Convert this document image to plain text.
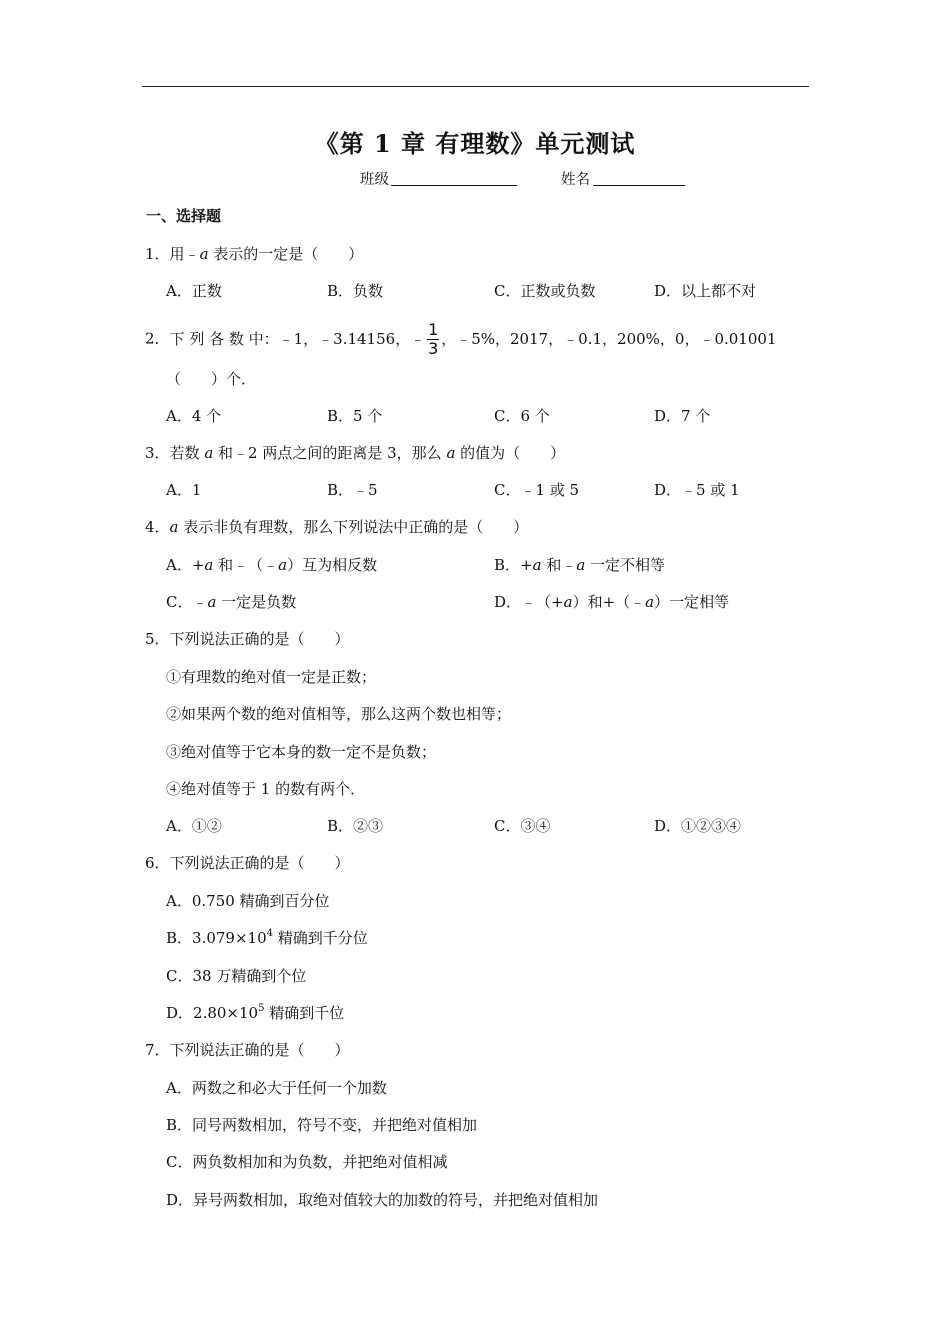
《第 1 章 有理数》单元测试
班级	姓名
一、选择题
1．用﹣a 表示的一定是（　　）
A．正数	B．负数	C．正数或负数	D．以上都不对
2．下 列 各 数 中：﹣1，﹣3.14156，﹣ $\frac{1}{3}$ ，﹣5%，2017，﹣0.1，200%，0，﹣0.01001
（　　）个．
A．4 个	B．5 个	C．6 个	D．7 个
3．若数 a 和﹣2 两点之间的距离是 3，那么 a 的值为（　　）
A．1	B．﹣5	C．﹣1 或 5	D．﹣5 或 1
4．a 表示非负有理数，那么下列说法中正确的是（　　）
A．+a 和﹣（﹣a）互为相反数	B．+a 和﹣a 一定不相等
C．﹣a 一定是负数	D．﹣（+a）和+（﹣a）一定相等
5．下列说法正确的是（　　）
①有理数的绝对值一定是正数；
②如果两个数的绝对值相等，那么这两个数也相等；
③绝对值等于它本身的数一定不是负数；
④绝对值等于 1 的数有两个．
A．①②	B．②③	C．③④	D．①②③④
6．下列说法正确的是（　　）
A．0.750 精确到百分位
B．$3.079\times 10^4$ 精确到千分位
C．38 万精确到个位
D．$2.80\times 10^5$ 精确到千位
7．下列说法正确的是（　　）
A．两数之和必大于任何一个加数
B．同号两数相加，符号不变，并把绝对值相加
C．两负数相加和为负数，并把绝对值相减
D．异号两数相加，取绝对值较大的加数的符号，并把绝对值相加
